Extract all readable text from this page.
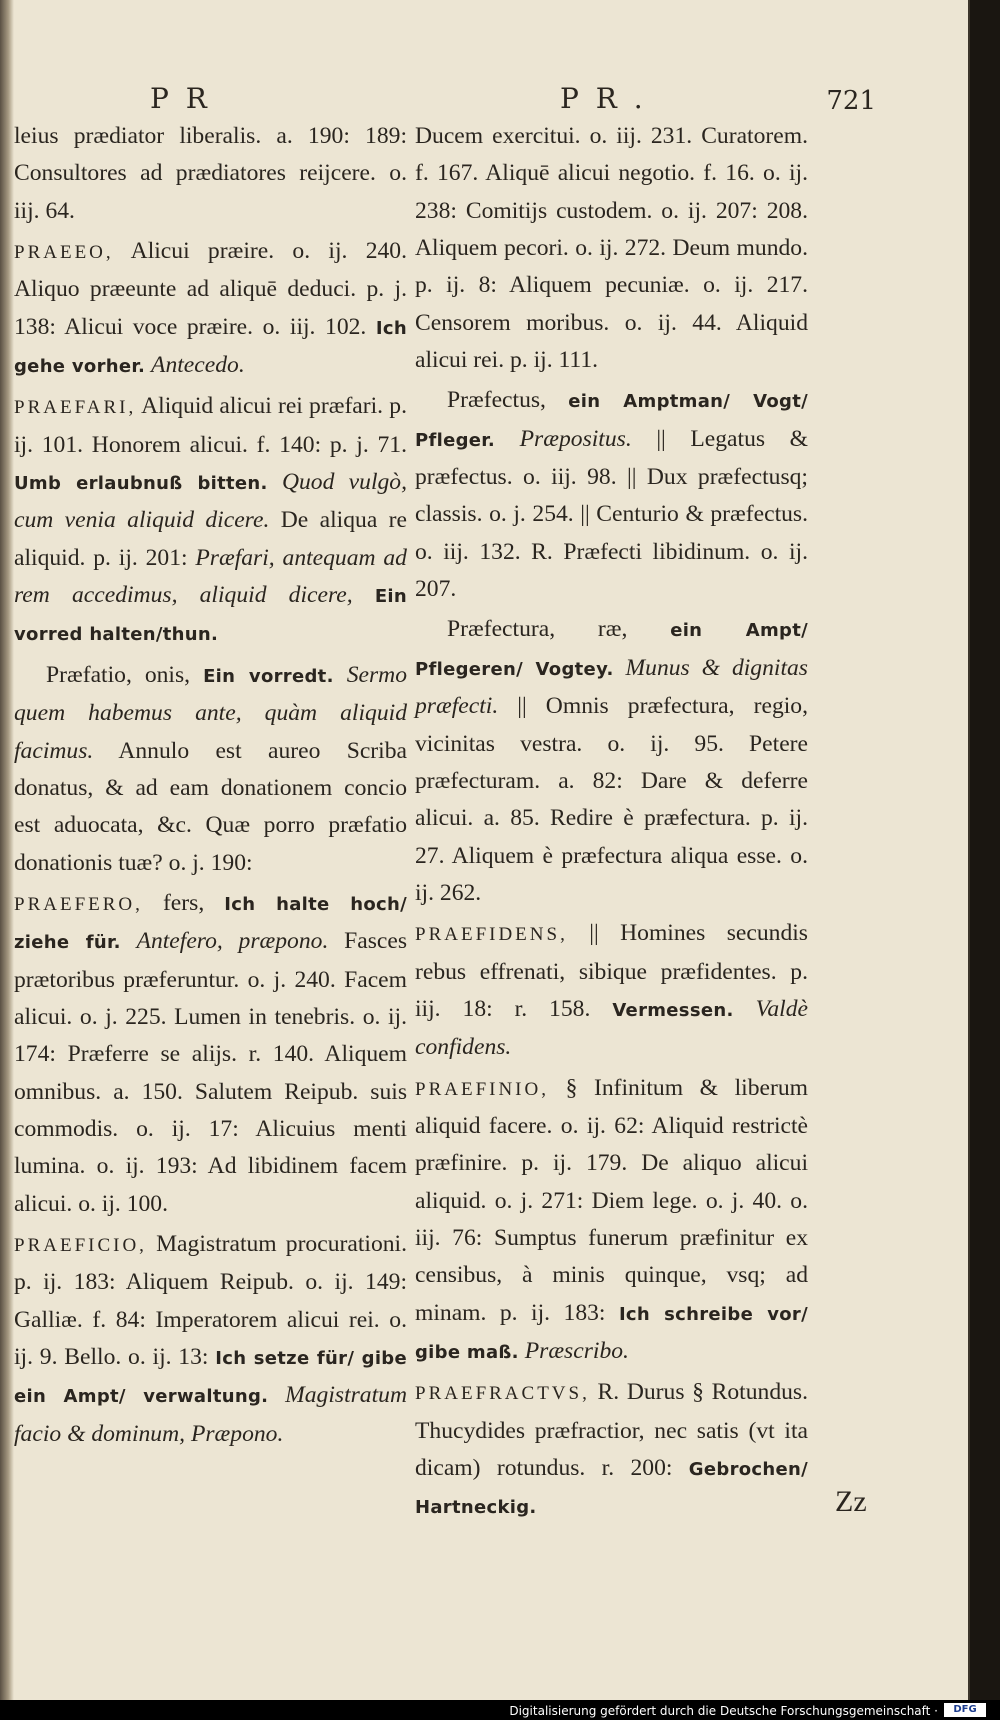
P R	P R .	721

leius prædiator liberalis. a. 190: 189: Consultores ad prædiatores reijcere. o. iij. 64.

PRAEEO, Alicui præire. o. ij. 240. Aliquo præeunte ad aliquē deduci. p. j. 138: Alicui voce præire. o. iij. 102. Ich gehe vorher. Antecedo.

PRAEFARI, Aliquid alicui rei præfari. p. ij. 101. Honorem alicui. f. 140: p. j. 71. Umb erlaubnuß bitten. Quod vulgò, cum venia aliquid dicere. De aliqua re aliquid. p. ij. 201: Præfari, antequam ad rem accedimus, aliquid dicere, Ein vorred halten/thun.

Præfatio, onis, Ein vorredt. Sermo quem habemus ante, quàm aliquid facimus. Annulo est aureo Scriba donatus, & ad eam donationem concio est aduocata, &c. Quæ porro præfatio donationis tuæ? o. j. 190:

PRAEFERO, fers, Ich halte hoch/ ziehe für. Antefero, præpono. Fasces prætoribus præferuntur. o. j. 240. Facem alicui. o. j. 225. Lumen in tenebris. o. ij. 174: Præferre se alijs. r. 140. Aliquem omnibus. a. 150. Salutem Reipub. suis commodis. o. ij. 17: Alicuius menti lumina. o. ij. 193: Ad libidinem facem alicui. o. ij. 100.

PRAEFICIO, Magistratum procurationi. p. ij. 183: Aliquem Reipub. o. ij. 149: Galliæ. f. 84: Imperatorem alicui rei. o. ij. 9. Bello. o. ij. 13: Ich setze für/ gibe ein Ampt/ verwaltung. Magistratum facio & dominum, Præpono.

Ducem exercitui. o. iij. 231. Curatorem. f. 167. Aliquē alicui negotio. f. 16. o. ij. 238: Comitijs custodem. o. ij. 207: 208. Aliquem pecori. o. ij. 272. Deum mundo. p. ij. 8: Aliquem pecuniæ. o. ij. 217. Censorem moribus. o. ij. 44. Aliquid alicui rei. p. ij. 111.

Præfectus, ein Amptman/ Vogt/ Pfleger. Præpositus. || Legatus & præfectus. o. iij. 98. || Dux præfectusq; classis. o. j. 254. || Centurio & præfectus. o. iij. 132. R. Præfecti libidinum. o. ij. 207.

Præfectura, ræ, ein Ampt/ Pflegeren/ Vogtey. Munus & dignitas præfecti. || Omnis præfectura, regio, vicinitas vestra. o. ij. 95. Petere præfecturam. a. 82: Dare & deferre alicui. a. 85. Redire è præfectura. p. ij. 27. Aliquem è præfectura aliqua esse. o. ij. 262.

PRAEFIDENS, || Homines secundis rebus effrenati, sibique præfidentes. p. iij. 18: r. 158. Vermessen. Valdè confidens.

PRAEFINIO, § Infinitum & liberum aliquid facere. o. ij. 62: Aliquid restrictè præfinire. p. ij. 179. De aliquo alicui aliquid. o. j. 271: Diem lege. o. j. 40. o. iij. 76: Sumptus funerum præfinitur ex censibus, à minis quinque, vsq; ad minam. p. ij. 183: Ich schreibe vor/ gibe maß. Præscribo.

PRAEFRACTVS, R. Durus § Rotundus. Thucydides præfractior, nec satis (vt ita dicam) rotundus. r. 200: Gebrochen/ Hartneckig.	Zz
Digitalisierung gefördert durch die Deutsche Forschungsgemeinschaft ·	DFG
